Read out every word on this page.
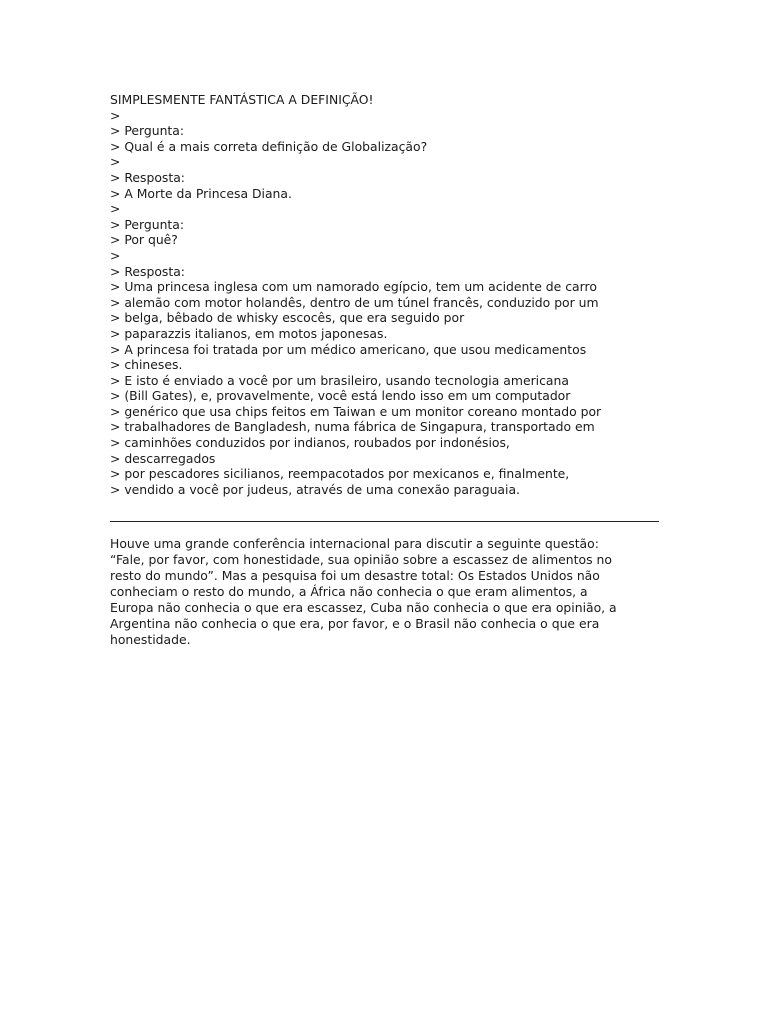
SIMPLESMENTE FANTÁSTICA A DEFINIÇÃO!
>
> Pergunta:
> Qual é a mais correta definição de Globalização?
>
> Resposta:
> A Morte da Princesa Diana.
>
> Pergunta:
> Por quê?
>
> Resposta:
> Uma princesa inglesa com um namorado egípcio, tem um acidente de carro
> alemão com motor holandês, dentro de um túnel francês, conduzido por um
> belga, bêbado de whisky escocês, que era seguido por
> paparazzis italianos, em motos japonesas.
> A princesa foi tratada por um médico americano, que usou medicamentos
> chineses.
> E isto é enviado a você por um brasileiro, usando tecnologia americana
> (Bill Gates), e, provavelmente, você está lendo isso em um computador
> genérico que usa chips feitos em Taiwan e um monitor coreano montado por
> trabalhadores de Bangladesh, numa fábrica de Singapura, transportado em
> caminhões conduzidos por indianos, roubados por indonésios,
> descarregados
> por pescadores sicilianos, reempacotados por mexicanos e, finalmente,
> vendido a você por judeus, através de uma conexão paraguaia.
Houve uma grande conferência internacional para discutir a seguinte questão:
“Fale, por favor, com honestidade, sua opinião sobre a escassez de alimentos no
resto do mundo”. Mas a pesquisa foi um desastre total: Os Estados Unidos não
conheciam o resto do mundo, a África não conhecia o que eram alimentos, a
Europa não conhecia o que era escassez, Cuba não conhecia o que era opinião, a
Argentina não conhecia o que era, por favor, e o Brasil não conhecia o que era
honestidade.
